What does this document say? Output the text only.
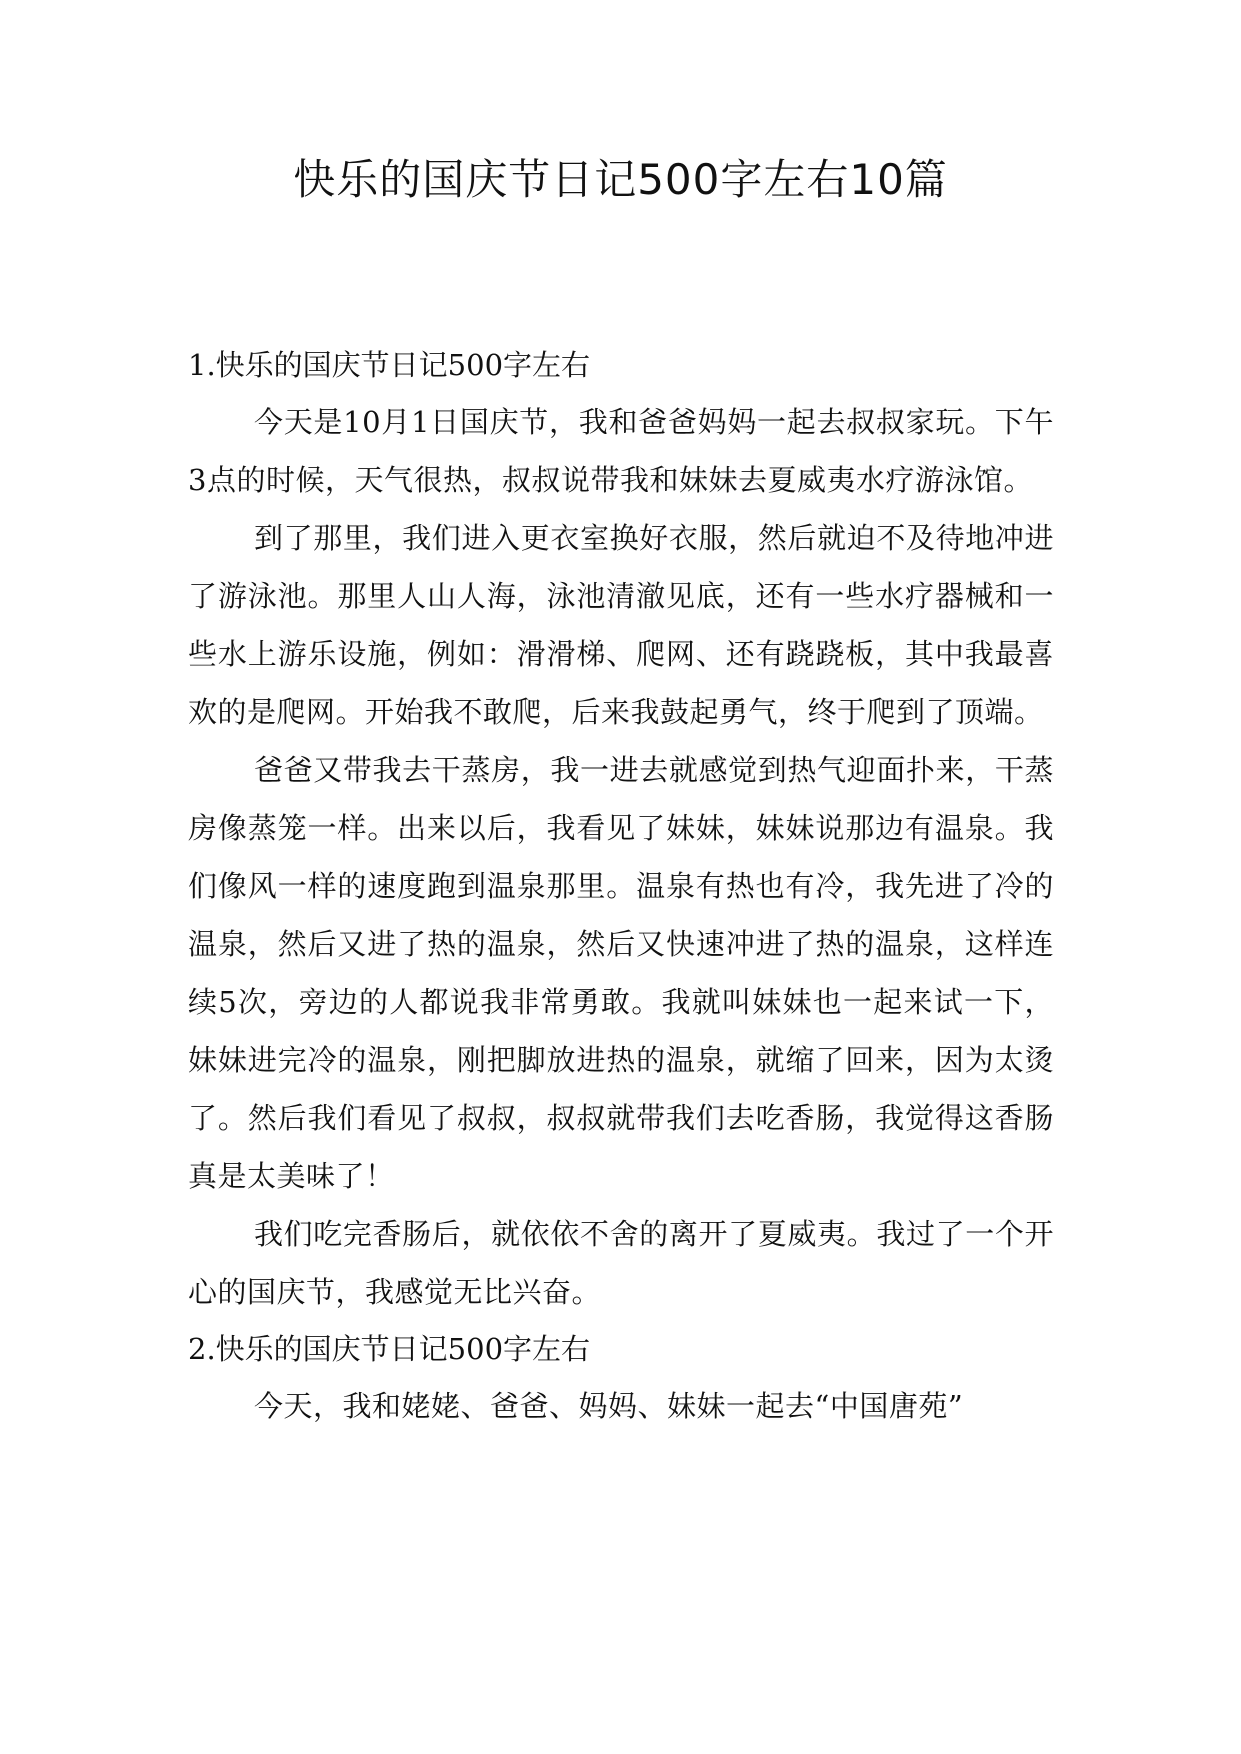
快乐的国庆节日记500字左右10篇
1.快乐的国庆节日记500字左右

今天是10月1日国庆节，我和爸爸妈妈一起去叔叔家玩。下午3点的时候，天气很热，叔叔说带我和妹妹去夏威夷水疗游泳馆。

到了那里，我们进入更衣室换好衣服，然后就迫不及待地冲进了游泳池。那里人山人海，泳池清澈见底，还有一些水疗器械和一些水上游乐设施，例如：滑滑梯、爬网、还有跷跷板，其中我最喜欢的是爬网。开始我不敢爬，后来我鼓起勇气，终于爬到了顶端。

爸爸又带我去干蒸房，我一进去就感觉到热气迎面扑来，干蒸房像蒸笼一样。出来以后，我看见了妹妹，妹妹说那边有温泉。我们像风一样的速度跑到温泉那里。温泉有热也有冷，我先进了冷的温泉，然后又进了热的温泉，然后又快速冲进了热的温泉，这样连续5次，旁边的人都说我非常勇敢。我就叫妹妹也一起来试一下，妹妹进完冷的温泉，刚把脚放进热的温泉，就缩了回来，因为太烫了。然后我们看见了叔叔，叔叔就带我们去吃香肠，我觉得这香肠真是太美味了！

我们吃完香肠后，就依依不舍的离开了夏威夷。我过了一个开心的国庆节，我感觉无比兴奋。

2.快乐的国庆节日记500字左右

今天，我和姥姥、爸爸、妈妈、妹妹一起去“中国唐苑”
